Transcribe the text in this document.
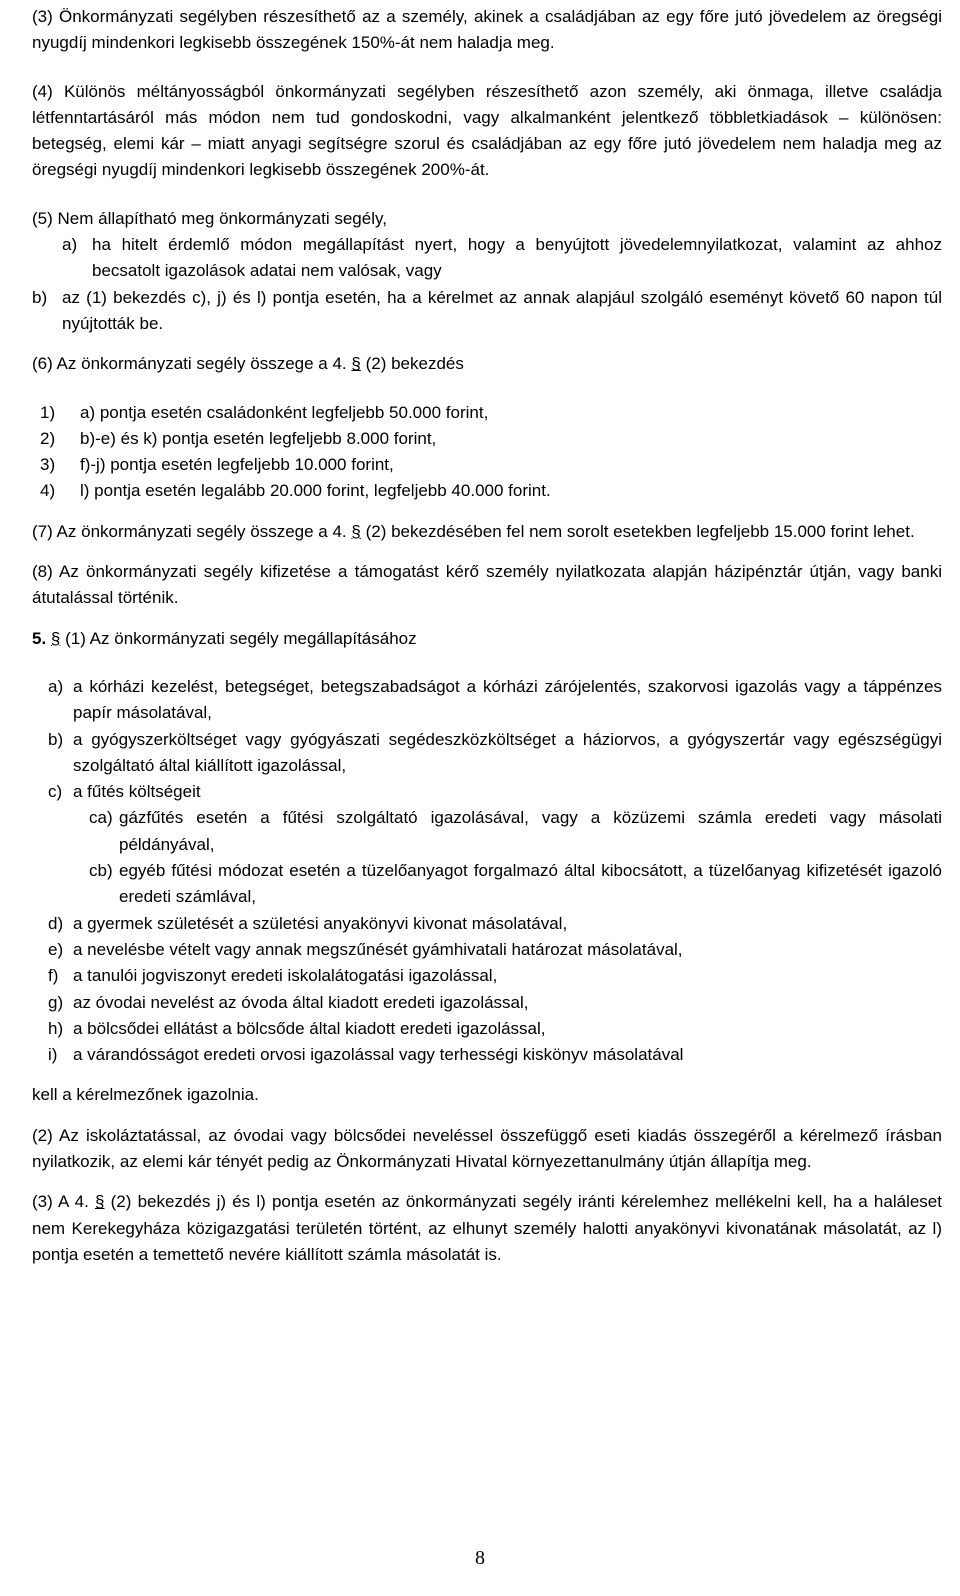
(3) Önkormányzati segélyben részesíthető az a személy, akinek a családjában az egy főre jutó jövedelem az öregségi nyugdíj mindenkori legkisebb összegének 150%-át nem haladja meg.

(4) Különös méltányosságból önkormányzati segélyben részesíthető azon személy, aki önmaga, illetve családja létfenntartásáról más módon nem tud gondoskodni, vagy alkalmanként jelentkező többletkiadások – különösen: betegség, elemi kár – miatt anyagi segítségre szorul és családjában az egy főre jutó jövedelem nem haladja meg az öregségi nyugdíj mindenkori legkisebb összegének 200%-át.

(5) Nem állapítható meg önkormányzati segély,

a) ha hitelt érdemlő módon megállapítást nyert, hogy a benyújtott jövedelemnyilatkozat, valamint az ahhoz becsatolt igazolások adatai nem valósak, vagy
b) az (1) bekezdés c), j) és l) pontja esetén, ha a kérelmet az annak alapjául szolgáló eseményt követő 60 napon túl nyújtották be.

(6) Az önkormányzati segély összege a 4. § (2) bekezdés

1)	a) pontja esetén családonként legfeljebb 50.000 forint,
2)	b)-e) és k) pontja esetén legfeljebb 8.000 forint,
3)	f)-j) pontja esetén legfeljebb 10.000 forint,
4)	l) pontja esetén legalább 20.000 forint, legfeljebb 40.000 forint.

(7) Az önkormányzati segély összege a 4. § (2) bekezdésében fel nem sorolt esetekben legfeljebb 15.000 forint lehet.

(8) Az önkormányzati segély kifizetése a támogatást kérő személy nyilatkozata alapján házipénztár útján, vagy banki átutalással történik.

5. § (1) Az önkormányzati segély megállapításához

a) a kórházi kezelést, betegséget, betegszabadságot a kórházi zárójelentés, szakorvosi igazolás vagy a táppénzes papír másolatával,
b) a gyógyszerköltséget vagy gyógyászati segédeszközköltséget a háziorvos, a gyógyszertár vagy egészségügyi szolgáltató által kiállított igazolással,
c) a fűtés költségeit
ca) gázfűtés esetén a fűtési szolgáltató igazolásával, vagy a közüzemi számla eredeti vagy másolati példányával,
cb) egyéb fűtési módozat esetén a tüzelőanyagot forgalmazó által kibocsátott, a tüzelőanyag kifizetését igazoló eredeti számlával,
d) a gyermek születését a születési anyakönyvi kivonat másolatával,
e) a nevelésbe vételt vagy annak megszűnését gyámhivatali határozat másolatával,
f) a tanulói jogviszonyt eredeti iskolalátogatási igazolással,
g) az óvodai nevelést az óvoda által kiadott eredeti igazolással,
h) a bölcsődei ellátást a bölcsőde által kiadott eredeti igazolással,
i) a várandósságot eredeti orvosi igazolással vagy terhességi kiskönyv másolatával

kell a kérelmezőnek igazolnia.

(2) Az iskoláztatással, az óvodai vagy bölcsődei neveléssel összefüggő eseti kiadás összegéről a kérelmező írásban nyilatkozik, az elemi kár tényét pedig az Önkormányzati Hivatal környezettanulmány útján állapítja meg.

(3) A 4. § (2) bekezdés j) és l) pontja esetén az önkormányzati segély iránti kérelemhez mellékelni kell, ha a haláleset nem Kerekegyháza közigazgatási területén történt, az elhunyt személy halotti anyakönyvi kivonatának másolatát, az l) pontja esetén a temettető nevére kiállított számla másolatát is.

8
